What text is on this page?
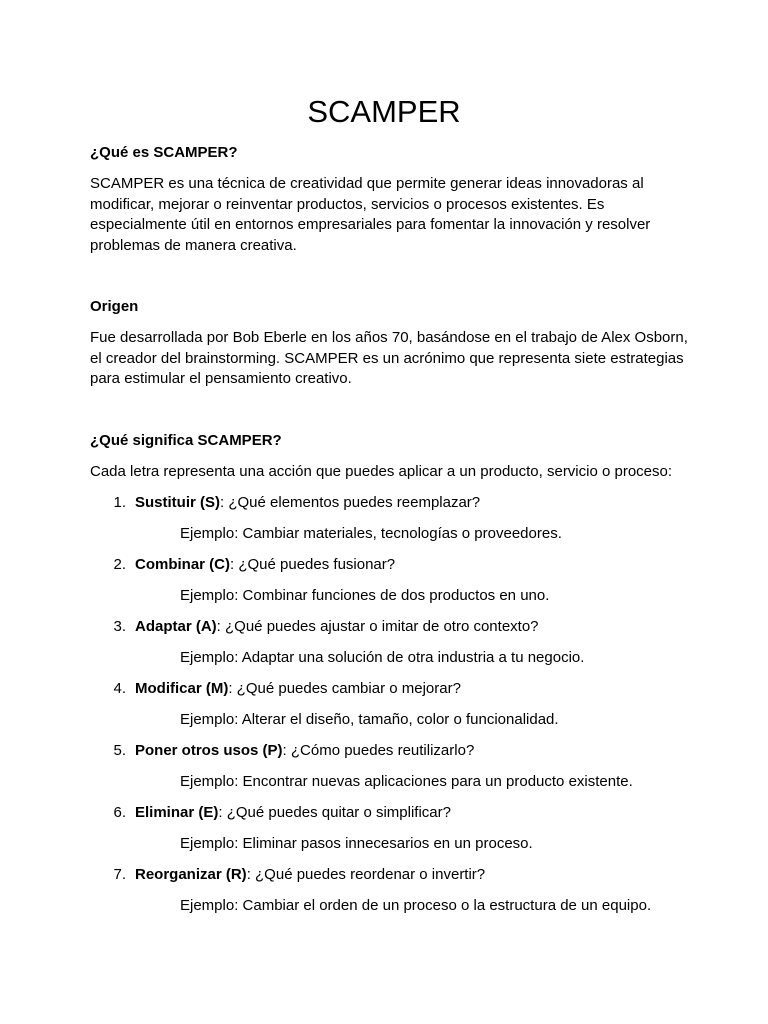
SCAMPER
¿Qué es SCAMPER?

SCAMPER es una técnica de creatividad que permite generar ideas innovadoras al modificar, mejorar o reinventar productos, servicios o procesos existentes. Es especialmente útil en entornos empresariales para fomentar la innovación y resolver problemas de manera creativa.

Origen

Fue desarrollada por Bob Eberle en los años 70, basándose en el trabajo de Alex Osborn, el creador del brainstorming. SCAMPER es un acrónimo que representa siete estrategias para estimular el pensamiento creativo.

¿Qué significa SCAMPER?

Cada letra representa una acción que puedes aplicar a un producto, servicio o proceso:

1. Sustituir (S): ¿Qué elementos puedes reemplazar?
Ejemplo: Cambiar materiales, tecnologías o proveedores.
2. Combinar (C): ¿Qué puedes fusionar?
Ejemplo: Combinar funciones de dos productos en uno.
3. Adaptar (A): ¿Qué puedes ajustar o imitar de otro contexto?
Ejemplo: Adaptar una solución de otra industria a tu negocio.
4. Modificar (M): ¿Qué puedes cambiar o mejorar?
Ejemplo: Alterar el diseño, tamaño, color o funcionalidad.
5. Poner otros usos (P): ¿Cómo puedes reutilizarlo?
Ejemplo: Encontrar nuevas aplicaciones para un producto existente.
6. Eliminar (E): ¿Qué puedes quitar o simplificar?
Ejemplo: Eliminar pasos innecesarios en un proceso.
7. Reorganizar (R): ¿Qué puedes reordenar o invertir?
Ejemplo: Cambiar el orden de un proceso o la estructura de un equipo.
